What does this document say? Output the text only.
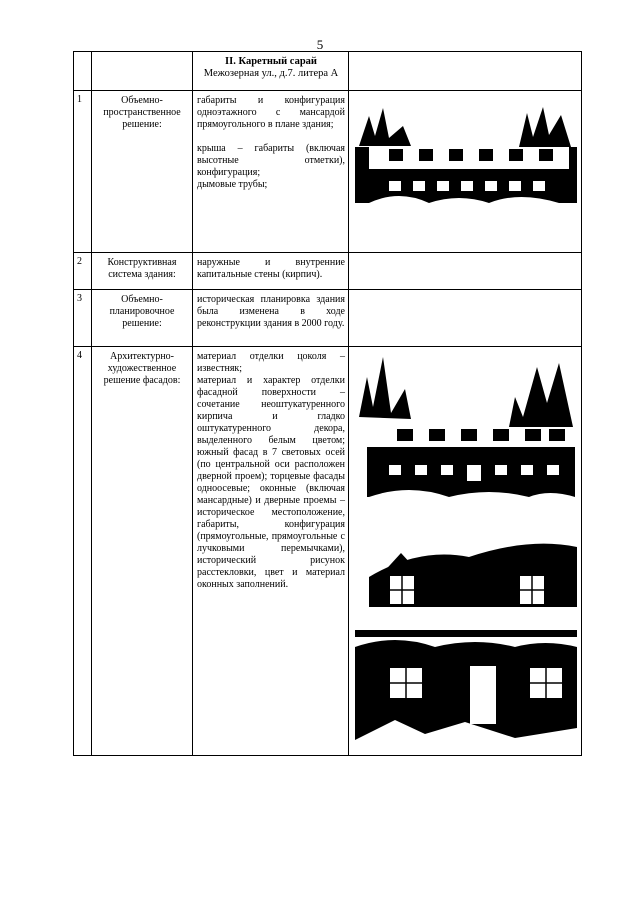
5

		II. Каретный сарай
Межозерная ул., д.7. литера А	

1	Объемно-пространственное решение:	габариты и конфигурация одноэтажного с мансардой прямоугольного в плане здания;
крыша – габариты (включая высотные отметки), конфигурация;
дымовые трубы;

2	Конструктивная система здания:	наружные и внутренние капитальные стены (кирпич).	

3	Объемно-планировочное решение:	историческая планировка здания была изменена в ходе реконструкции здания в 2000 году.	

4	Архитектурно-художественное решение фасадов:	материал отделки цоколя – известняк;
материал и характер отделки фасадной поверхности – сочетание неоштукатуренного кирпича и гладко оштукатуренного декора, выделенного белым цветом; южный фасад в 7 световых осей (по центральной оси расположен дверной проем); торцевые фасады одноосевые; оконные (включая мансардные) и дверные проемы – историческое местоположение, габариты, конфигурация (прямоугольные, прямоугольные с лучковыми перемычками), исторический рисунок расстекловки, цвет и материал оконных заполнений.
